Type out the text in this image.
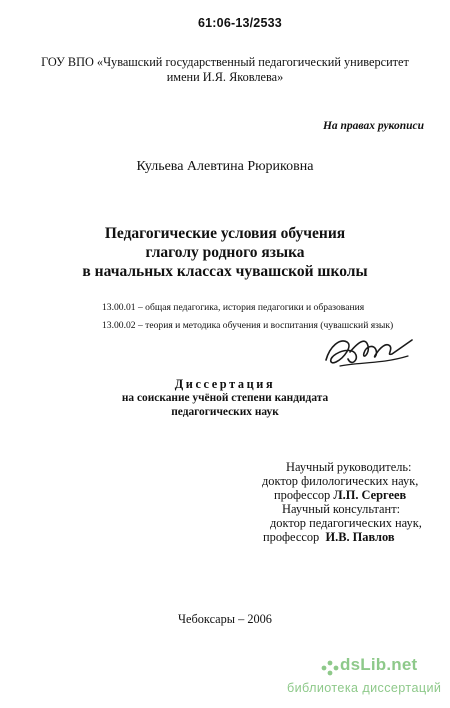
61:06-13/2533
ГОУ ВПО «Чувашский государственный педагогический университет
имени И.Я. Яковлева»
На правах рукописи
Кульева Алевтина Рюриковна
Педагогические условия обучения
глаголу родного языка
в начальных классах чувашской школы
13.00.01 – общая педагогика, история педагогики и образования
13.00.02 – теория и методика обучения и воспитания (чувашский язык)
Диссертация
на соискание учёной степени кандидата
педагогических наук
Научный руководитель:
доктор филологических наук,
профессор Л.П. Сергеев
Научный консультант:
доктор педагогических наук,
профессор И.В. Павлов
Чебоксары – 2006
dsLib.net
библиотека диссертаций
